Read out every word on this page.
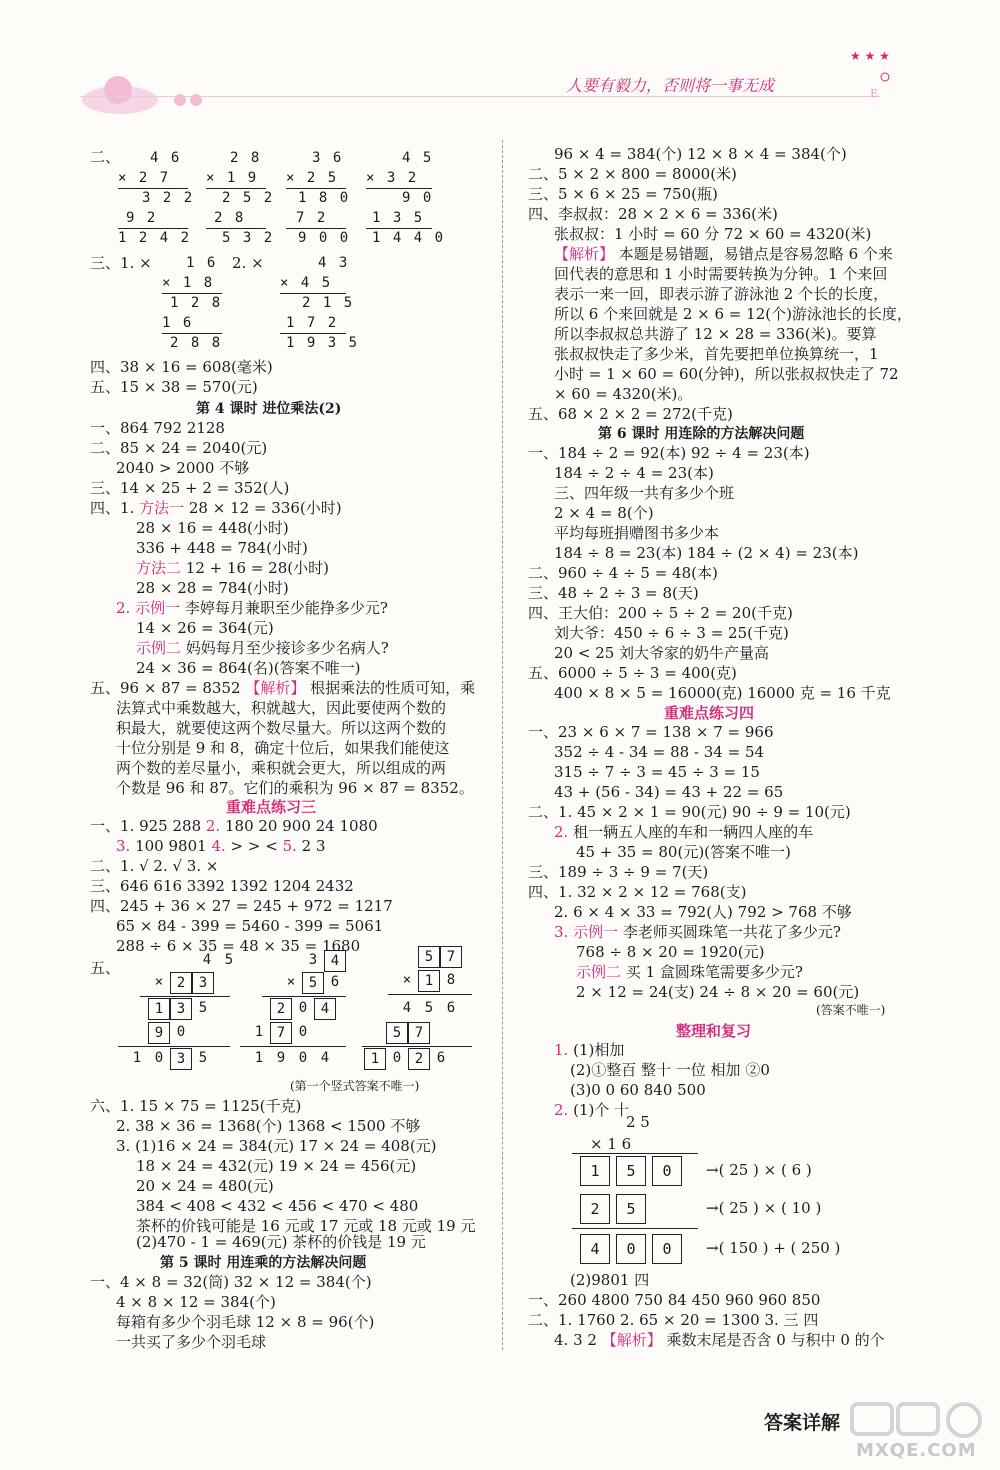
人要有毅力，否则将一事无成
★ ★ ★
E
二、 4 6
× 2 7
3 2 2
9 2
1 2 4 2
2 8
× 1 9
2 5 2
2 8
5 3 2
3 6
× 2 5
1 8 0
7 2
9 0 0
4 5
× 3 2
9 0
1 3 5
1 4 4 0
三、1. ×	2. ×
1 6
× 1 8
1 2 8
1 6
2 8 8
4 3
× 4 5
2 1 5
1 7 2
1 9 3 5
四、38 × 16 = 608(毫米)
五、15 × 38 = 570(元)
第 4 课时 进位乘法(2)
一、864 792 2128
二、85 × 24 = 2040(元)
2040 > 2000 不够
三、14 × 25 + 2 = 352(人)
四、1. 方法一 28 × 12 = 336(小时)
28 × 16 = 448(小时)
336 + 448 = 784(小时)
方法二 12 + 16 = 28(小时)
28 × 28 = 784(小时)
2. 示例一 李婷每月兼职至少能挣多少元?
14 × 26 = 364(元)
示例二 妈妈每月至少接诊多少名病人?
24 × 36 = 864(名)(答案不唯一)
五、96 × 87 = 8352 【解析】 根据乘法的性质可知，乘
法算式中乘数越大，积就越大，因此要使两个数的
积最大，就要使这两个数尽量大。所以这两个数的
十位分别是 9 和 8，确定十位后，如果我们能使这
两个数的差尽量小，乘积就会更大，所以组成的两
个数是 96 和 87。它们的乘积为 96 × 87 = 8352。
重难点练习三
一、1. 925 288 2. 180 20 900 24 1080
3. 100 9801 4. > > < 5. 2 3
二、1. √ 2. √ 3. ×
三、646 616 3392 1392 1204 2432
四、245 + 36 × 27 = 245 + 972 = 1217
65 × 84 - 399 = 5460 - 399 = 5061
288 ÷ 6 × 35 = 48 × 35 = 1680
五、	4 5
× 2 3
1 3 5
9 0
1 0 3 5
3 4
× 5 6
2 0 4
1 7 0
1 9 0 4
5 7
× 1 8
4 5 6
5 7
1 0 2 6
(第一个竖式答案不唯一)
六、1. 15 × 75 = 1125(千克)
2. 38 × 36 = 1368(个) 1368 < 1500 不够
3. (1)16 × 24 = 384(元) 17 × 24 = 408(元)
18 × 24 = 432(元) 19 × 24 = 456(元)
20 × 24 = 480(元)
384 < 408 < 432 < 456 < 470 < 480
茶杯的价钱可能是 16 元或 17 元或 18 元或 19 元
(2)470 - 1 = 469(元) 茶杯的价钱是 19 元
第 5 课时 用连乘的方法解决问题
一、4 × 8 = 32(筒) 32 × 12 = 384(个)
4 × 8 × 12 = 384(个)
每箱有多少个羽毛球 12 × 8 = 96(个)
一共买了多少个羽毛球
96 × 4 = 384(个) 12 × 8 × 4 = 384(个)
二、5 × 2 × 800 = 8000(米)
三、5 × 6 × 25 = 750(瓶)
四、李叔叔：28 × 2 × 6 = 336(米)
张叔叔：1 小时 = 60 分 72 × 60 = 4320(米)
【解析】 本题是易错题，易错点是容易忽略 6 个来
回代表的意思和 1 小时需要转换为分钟。1 个来回
表示一来一回，即表示游了游泳池 2 个长的长度，
所以 6 个来回就是 2 × 6 = 12(个)游泳池长的长度，
所以李叔叔总共游了 12 × 28 = 336(米)。要算
张叔叔快走了多少米，首先要把单位换算统一，1
小时 = 1 × 60 = 60(分钟)，所以张叔叔快走了 72
× 60 = 4320(米)。
五、68 × 2 × 2 = 272(千克)
第 6 课时 用连除的方法解决问题
一、184 ÷ 2 = 92(本) 92 ÷ 4 = 23(本)
184 ÷ 2 ÷ 4 = 23(本)
三、四年级一共有多少个班
2 × 4 = 8(个)
平均每班捐赠图书多少本
184 ÷ 8 = 23(本) 184 ÷ (2 × 4) = 23(本)
二、960 ÷ 4 ÷ 5 = 48(本)
三、48 ÷ 2 ÷ 3 = 8(天)
四、王大伯：200 ÷ 5 ÷ 2 = 20(千克)
刘大爷：450 ÷ 6 ÷ 3 = 25(千克)
20 < 25 刘大爷家的奶牛产量高
五、6000 ÷ 5 ÷ 3 = 400(克)
400 × 8 × 5 = 16000(克) 16000 克 = 16 千克
重难点练习四
一、23 × 6 × 7 = 138 × 7 = 966
352 ÷ 4 - 34 = 88 - 34 = 54
315 ÷ 7 ÷ 3 = 45 ÷ 3 = 15
43 + (56 - 34) = 43 + 22 = 65
二、1. 45 × 2 × 1 = 90(元) 90 ÷ 9 = 10(元)
2. 租一辆五人座的车和一辆四人座的车
45 + 35 = 80(元)(答案不唯一)
三、189 ÷ 3 ÷ 9 = 7(天)
四、1. 32 × 2 × 12 = 768(支)
2. 6 × 4 × 33 = 792(人) 792 > 768 不够
3. 示例一 李老师买圆珠笔一共花了多少元?
768 ÷ 8 × 20 = 1920(元)
示例二 买 1 盒圆珠笔需要多少元?
2 × 12 = 24(支) 24 ÷ 8 × 20 = 60(元)
(答案不唯一)
整理和复习
1. (1)相加
(2)①整百 整十 一位 相加 ②0
(3)0 0 60 840 500
2. (1)个 十
2 5
× 1 6
1	5	0	→( 25 ) × ( 6 )
2	5	→( 25 ) × ( 10 )
4	0	0	→( 150 ) + ( 250 )
(2)9801 四
一、260 4800 750 84 450 960 960 850
二、1. 1760 2. 65 × 20 = 1300 3. 三 四
4. 3 2 【解析】 乘数末尾是否含 0 与积中 0 的个
答案详解
MXQE.COM
